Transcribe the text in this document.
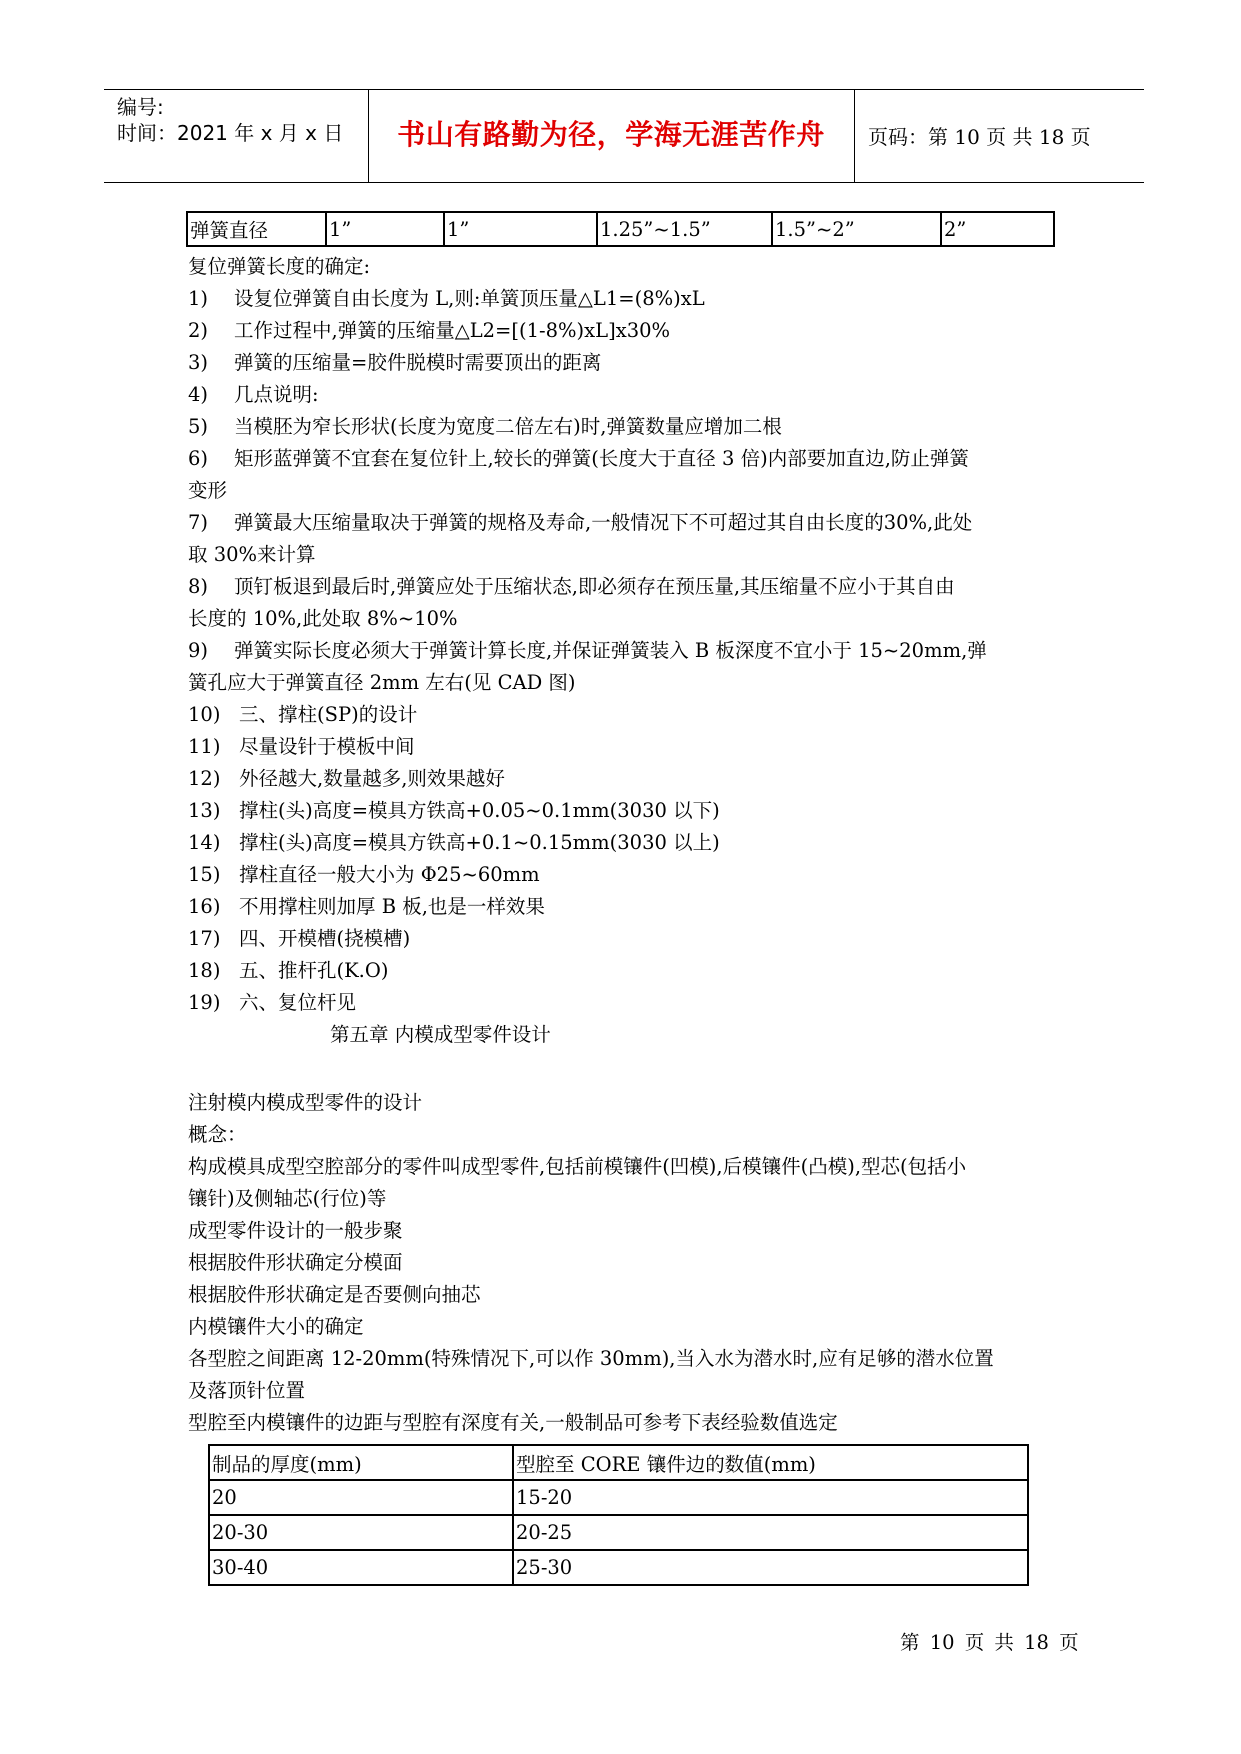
编号:
时间：2021 年 x 月 x 日	书山有路勤为径，学海无涯苦作舟	页码：第 10 页 共 18 页
弹簧直径	1”	1”	1.25”~1.5”	1.5”~2”	2”
复位弹簧长度的确定:
1) 设复位弹簧自由长度为 L,则:单簧顶压量△L1=(8%)xL
2) 工作过程中,弹簧的压缩量△L2=[(1-8%)xL]x30%
3) 弹簧的压缩量=胶件脱模时需要顶出的距离
4) 几点说明:
5) 当模胚为窄长形状(长度为宽度二倍左右)时,弹簧数量应增加二根
6) 矩形蓝弹簧不宜套在复位针上,较长的弹簧(长度大于直径 3 倍)内部要加直边,防止弹簧
变形
7) 弹簧最大压缩量取决于弹簧的规格及寿命,一般情况下不可超过其自由长度的30%,此处
取 30%来计算
8) 顶钉板退到最后时,弹簧应处于压缩状态,即必须存在预压量,其压缩量不应小于其自由
长度的 10%,此处取 8%~10%
9) 弹簧实际长度必须大于弹簧计算长度,并保证弹簧装入 B 板深度不宜小于 15~20mm,弹
簧孔应大于弹簧直径 2mm 左右(见 CAD 图)
10) 三、撑柱(SP)的设计
11) 尽量设针于模板中间
12) 外径越大,数量越多,则效果越好
13) 撑柱(头)高度=模具方铁高+0.05~0.1mm(3030 以下)
14) 撑柱(头)高度=模具方铁高+0.1~0.15mm(3030 以上)
15) 撑柱直径一般大小为 Φ25~60mm
16) 不用撑柱则加厚 B 板,也是一样效果
17) 四、开模槽(挠模槽)
18) 五、推杆孔(K.O)
19) 六、复位杆见
第五章 内模成型零件设计
注射模内模成型零件的设计
概念：
构成模具成型空腔部分的零件叫成型零件,包括前模镶件(凹模),后模镶件(凸模),型芯(包括小
镶针)及侧轴芯(行位)等
成型零件设计的一般步聚
根据胶件形状确定分模面
根据胶件形状确定是否要侧向抽芯
内模镶件大小的确定
各型腔之间距离 12-20mm(特殊情况下,可以作 30mm),当入水为潜水时,应有足够的潜水位置
及落顶针位置
型腔至内模镶件的边距与型腔有深度有关,一般制品可参考下表经验数值选定
制品的厚度(mm)	型腔至 CORE 镶件边的数值(mm)
20	15-20
20-30	20-25
30-40	25-30
第 10 页 共 18 页
